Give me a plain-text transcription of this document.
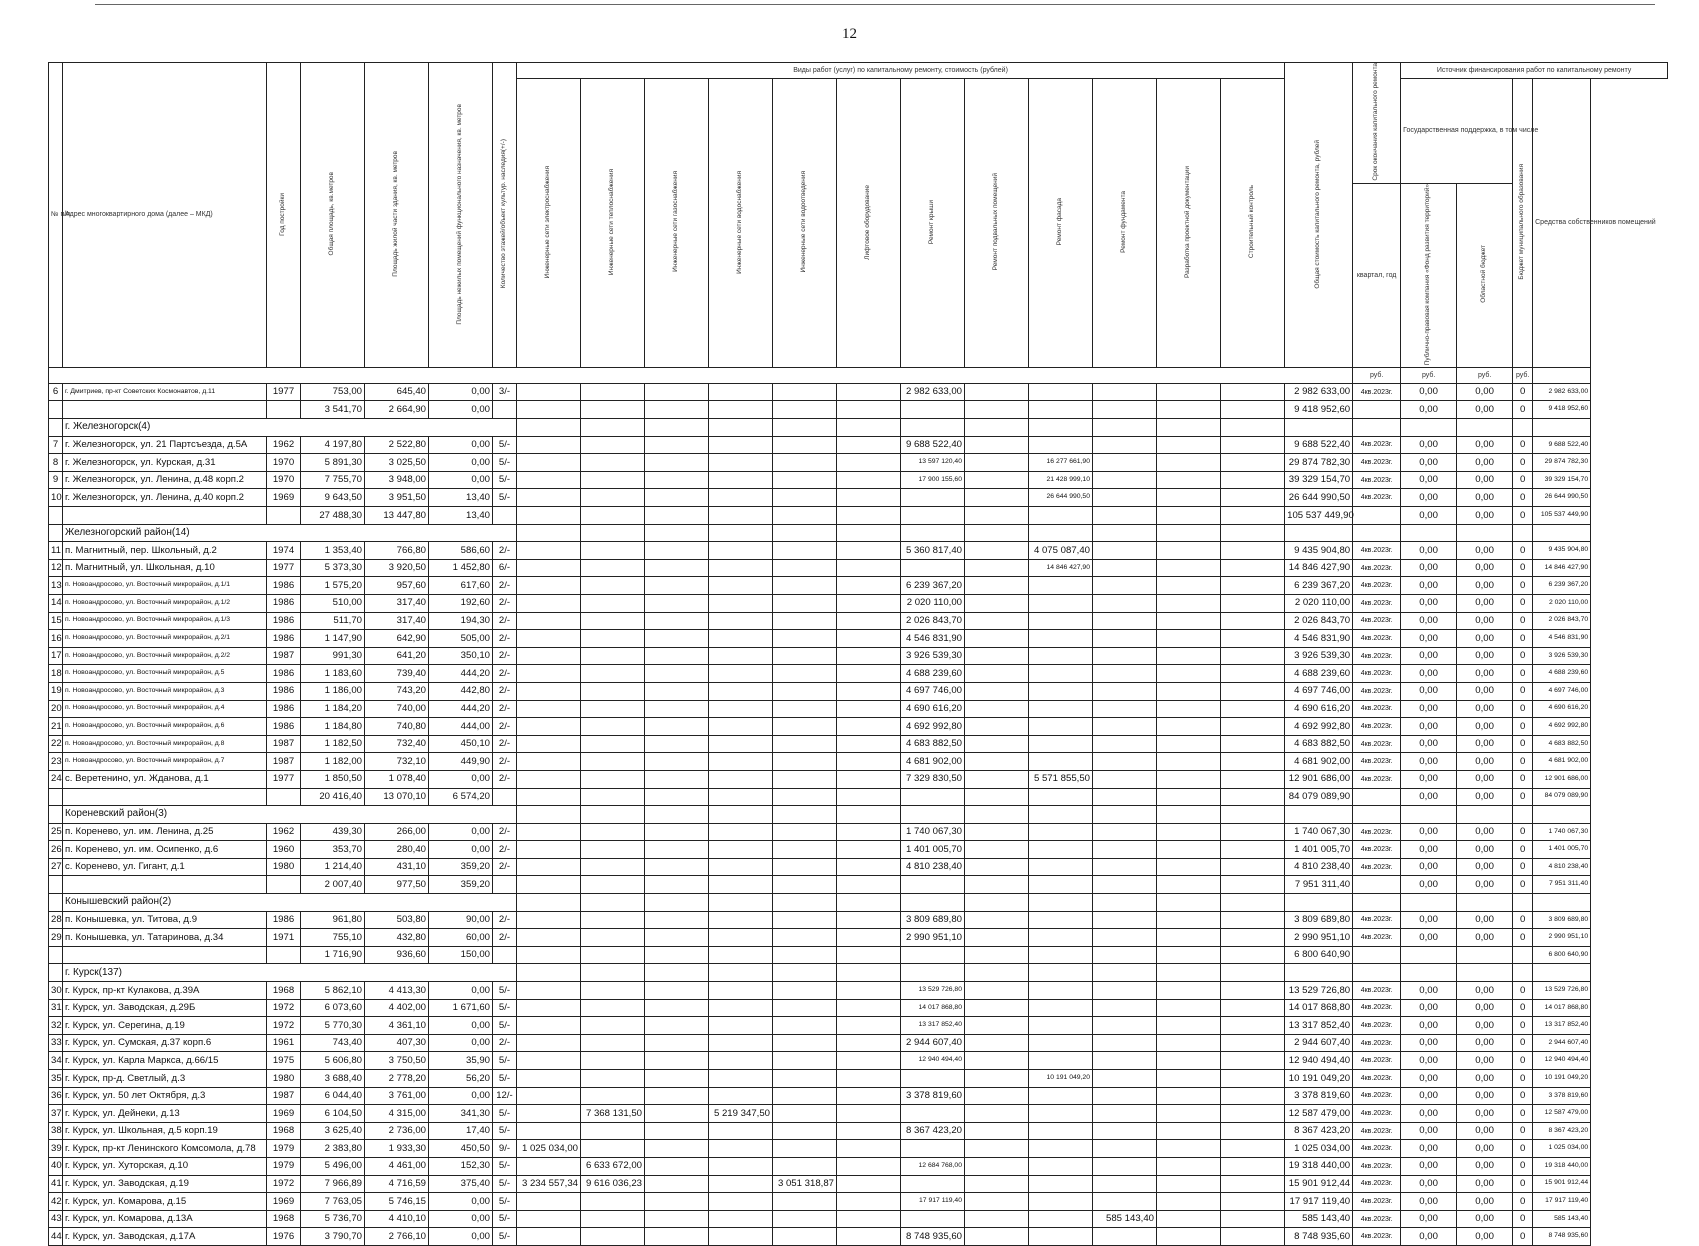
12
№ п/п	Адрес многоквартирного дома (далее – МКД)	Год постройки	Общая площадь, кв.метров	Площадь жилой части здания, кв. метров	Площадь нежилых помещений функционального назначения, кв. метров	Количество этажей/объект культур. наследия(+/-)	Виды работ (услуг) по капитальному ремонту, стоимость (рублей)												Общая стоимость капитального ремонта, рублей	Срок окончания капитального ремонта	Источник финансирования работ по капитальному ремонту			
							Инженерные сети электроснабжения	Инженерные сети теплоснабжения	Инженерные сети газоснабжения	Инженерные сети водоснабжения	Инженерные сети водоотведения	Лифтовое оборудование	Ремонт крыши	Ремонт подвальных помещений	Ремонт фасада	Ремонт фундамента	Разработка проектной документации	Строительный контроль			Государственная поддержка, в том числе		Бюджет муниципального образования	Средства собственников помещений
																				квартал, год	Публично-правовая компания «Фонд развития территорий»	Областной бюджет		
																				руб.	руб.	руб.	руб.	
6	г. Дмитриев, пр-кт Советских Космонавтов, д.11	1977	753,00	645,40	0,00	3/-							2 982 633,00						2 982 633,00	4кв.2023г.	0,00	0,00	0	2 982 633,00
			3 541,70	2 664,90	0,00														9 418 952,60		0,00	0,00	0	9 418 952,60
	г. Железногорск(4)																							
7	г. Железногорск, ул. 21 Партсъезда, д.5А	1962	4 197,80	2 522,80	0,00	5/-							9 688 522,40						9 688 522,40	4кв.2023г.	0,00	0,00	0	9 688 522,40
8	г. Железногорск, ул. Курская, д.31	1970	5 891,30	3 025,50	0,00	5/-							13 597 120,40		16 277 661,90				29 874 782,30	4кв.2023г.	0,00	0,00	0	29 874 782,30
9	г. Железногорск, ул. Ленина, д.48 корп.2	1970	7 755,70	3 948,00	0,00	5/-							17 900 155,60		21 428 999,10				39 329 154,70	4кв.2023г.	0,00	0,00	0	39 329 154,70
10	г. Железногорск, ул. Ленина, д.40 корп.2	1969	9 643,50	3 951,50	13,40	5/-									26 644 990,50				26 644 990,50	4кв.2023г.	0,00	0,00	0	26 644 990,50
			27 488,30	13 447,80	13,40														105 537 449,90		0,00	0,00	0	105 537 449,90
	Железногорский район(14)																							
11	п. Магнитный, пер. Школьный, д.2	1974	1 353,40	766,80	586,60	2/-							5 360 817,40		4 075 087,40				9 435 904,80	4кв.2023г.	0,00	0,00	0	9 435 904,80
12	п. Магнитный, ул. Школьная, д.10	1977	5 373,30	3 920,50	1 452,80	6/-									14 846 427,90				14 846 427,90	4кв.2023г.	0,00	0,00	0	14 846 427,90
13	п. Новоандросово, ул. Восточный микрорайон, д.1/1	1986	1 575,20	957,60	617,60	2/-							6 239 367,20						6 239 367,20	4кв.2023г.	0,00	0,00	0	6 239 367,20
14	п. Новоандросово, ул. Восточный микрорайон, д.1/2	1986	510,00	317,40	192,60	2/-							2 020 110,00						2 020 110,00	4кв.2023г.	0,00	0,00	0	2 020 110,00
15	п. Новоандросово, ул. Восточный микрорайон, д.1/3	1986	511,70	317,40	194,30	2/-							2 026 843,70						2 026 843,70	4кв.2023г.	0,00	0,00	0	2 026 843,70
16	п. Новоандросово, ул. Восточный микрорайон, д.2/1	1986	1 147,90	642,90	505,00	2/-							4 546 831,90						4 546 831,90	4кв.2023г.	0,00	0,00	0	4 546 831,90
17	п. Новоандросово, ул. Восточный микрорайон, д.2/2	1987	991,30	641,20	350,10	2/-							3 926 539,30						3 926 539,30	4кв.2023г.	0,00	0,00	0	3 926 539,30
18	п. Новоандросово, ул. Восточный микрорайон, д.5	1986	1 183,60	739,40	444,20	2/-							4 688 239,60						4 688 239,60	4кв.2023г.	0,00	0,00	0	4 688 239,60
19	п. Новоандросово, ул. Восточный микрорайон, д.3	1986	1 186,00	743,20	442,80	2/-							4 697 746,00						4 697 746,00	4кв.2023г.	0,00	0,00	0	4 697 746,00
20	п. Новоандросово, ул. Восточный микрорайон, д.4	1986	1 184,20	740,00	444,20	2/-							4 690 616,20						4 690 616,20	4кв.2023г.	0,00	0,00	0	4 690 616,20
21	п. Новоандросово, ул. Восточный микрорайон, д.6	1986	1 184,80	740,80	444,00	2/-							4 692 992,80						4 692 992,80	4кв.2023г.	0,00	0,00	0	4 692 992,80
22	п. Новоандросово, ул. Восточный микрорайон, д.8	1987	1 182,50	732,40	450,10	2/-							4 683 882,50						4 683 882,50	4кв.2023г.	0,00	0,00	0	4 683 882,50
23	п. Новоандросово, ул. Восточный микрорайон, д.7	1987	1 182,00	732,10	449,90	2/-							4 681 902,00						4 681 902,00	4кв.2023г.	0,00	0,00	0	4 681 902,00
24	с. Веретенино, ул. Жданова, д.1	1977	1 850,50	1 078,40	0,00	2/-							7 329 830,50		5 571 855,50				12 901 686,00	4кв.2023г.	0,00	0,00	0	12 901 686,00
			20 416,40	13 070,10	6 574,20														84 079 089,90		0,00	0,00	0	84 079 089,90
	Кореневский район(3)																							
25	п. Коренево, ул. им. Ленина, д.25	1962	439,30	266,00	0,00	2/-							1 740 067,30						1 740 067,30	4кв.2023г.	0,00	0,00	0	1 740 067,30
26	п. Коренево, ул. им. Осипенко, д.6	1960	353,70	280,40	0,00	2/-							1 401 005,70						1 401 005,70	4кв.2023г.	0,00	0,00	0	1 401 005,70
27	с. Коренево, ул. Гигант, д.1	1980	1 214,40	431,10	359,20	2/-							4 810 238,40						4 810 238,40	4кв.2023г.	0,00	0,00	0	4 810 238,40
			2 007,40	977,50	359,20														7 951 311,40		0,00	0,00	0	7 951 311,40
	Конышевский район(2)																							
28	п. Конышевка, ул. Титова, д.9	1986	961,80	503,80	90,00	2/-							3 809 689,80						3 809 689,80	4кв.2023г.	0,00	0,00	0	3 809 689,80
29	п. Конышевка, ул. Татаринова, д.34	1971	755,10	432,80	60,00	2/-							2 990 951,10						2 990 951,10	4кв.2023г.	0,00	0,00	0	2 990 951,10
			1 716,90	936,60	150,00														6 800 640,90					6 800 640,90
	г. Курск(137)																							
30	г. Курск, пр-кт Кулакова, д.39А	1968	5 862,10	4 413,30	0,00	5/-							13 529 726,80						13 529 726,80	4кв.2023г.	0,00	0,00	0	13 529 726,80
31	г. Курск, ул. Заводская, д.29Б	1972	6 073,60	4 402,00	1 671,60	5/-							14 017 868,80						14 017 868,80	4кв.2023г.	0,00	0,00	0	14 017 868,80
32	г. Курск, ул. Серегина, д.19	1972	5 770,30	4 361,10	0,00	5/-							13 317 852,40						13 317 852,40	4кв.2023г.	0,00	0,00	0	13 317 852,40
33	г. Курск, ул. Сумская, д.37 корп.6	1961	743,40	407,30	0,00	2/-							2 944 607,40						2 944 607,40	4кв.2023г.	0,00	0,00	0	2 944 607,40
34	г. Курск, ул. Карла Маркса, д.66/15	1975	5 606,80	3 750,50	35,90	5/-							12 940 494,40						12 940 494,40	4кв.2023г.	0,00	0,00	0	12 940 494,40
35	г. Курск, пр-д. Светлый, д.3	1980	3 688,40	2 778,20	56,20	5/-									10 191 049,20				10 191 049,20	4кв.2023г.	0,00	0,00	0	10 191 049,20
36	г. Курск, ул. 50 лет Октября, д.3	1987	6 044,40	3 761,00	0,00	12/-							3 378 819,60						3 378 819,60	4кв.2023г.	0,00	0,00	0	3 378 819,60
37	г. Курск, ул. Дейнеки, д.13	1969	6 104,50	4 315,00	341,30	5/-		7 368 131,50		5 219 347,50									12 587 479,00	4кв.2023г.	0,00	0,00	0	12 587 479,00
38	г. Курск, ул. Школьная, д.5 корп.19	1968	3 625,40	2 736,00	17,40	5/-							8 367 423,20						8 367 423,20	4кв.2023г.	0,00	0,00	0	8 367 423,20
39	г. Курск, пр-кт Ленинского Комсомола, д.78	1979	2 383,80	1 933,30	450,50	9/-	1 025 034,00												1 025 034,00	4кв.2023г.	0,00	0,00	0	1 025 034,00
40	г. Курск, ул. Хуторская, д.10	1979	5 496,00	4 461,00	152,30	5/-		6 633 672,00					12 684 768,00						19 318 440,00	4кв.2023г.	0,00	0,00	0	19 318 440,00
41	г. Курск, ул. Заводская, д.19	1972	7 966,89	4 716,59	375,40	5/-	3 234 557,34	9 616 036,23			3 051 318,87								15 901 912,44	4кв.2023г.	0,00	0,00	0	15 901 912,44
42	г. Курск, ул. Комарова, д.15	1969	7 763,05	5 746,15	0,00	5/-							17 917 119,40						17 917 119,40	4кв.2023г.	0,00	0,00	0	17 917 119,40
43	г. Курск, ул. Комарова, д.13А	1968	5 736,70	4 410,10	0,00	5/-										585 143,40			585 143,40	4кв.2023г.	0,00	0,00	0	585 143,40
44	г. Курск, ул. Заводская, д.17А	1976	3 790,70	2 766,10	0,00	5/-							8 748 935,60						8 748 935,60	4кв.2023г.	0,00	0,00	0	8 748 935,60
